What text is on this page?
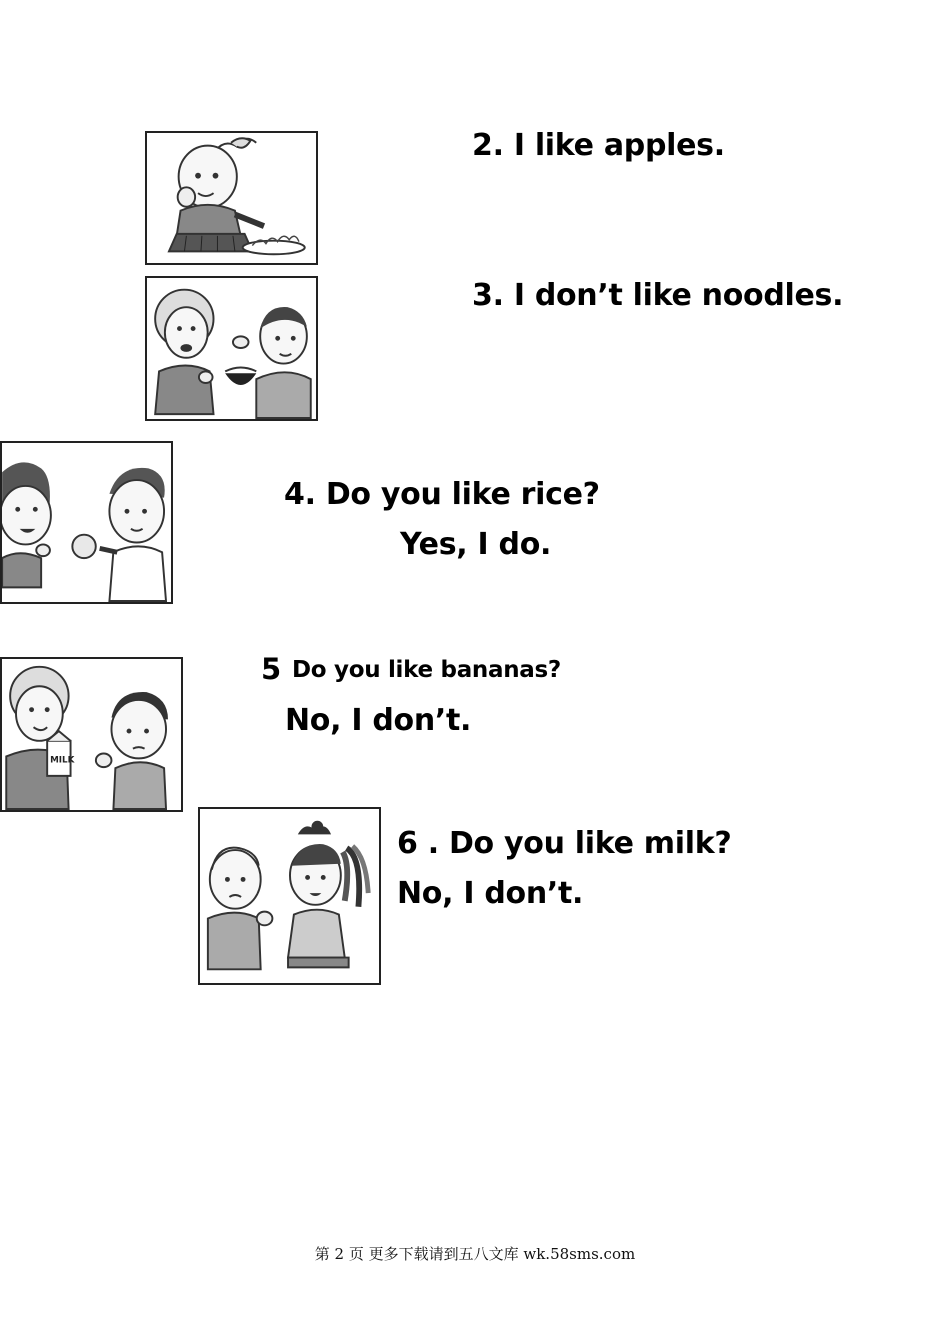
MILK
2. I like apples.
3. I don’t like noodles.
4. Do you like rice?
Yes, I do.
5 Do you like bananas?
No, I don’t.
6 . Do you like milk?
No, I don’t.
第 2 页 更多下载请到五八文库 wk.58sms.com
